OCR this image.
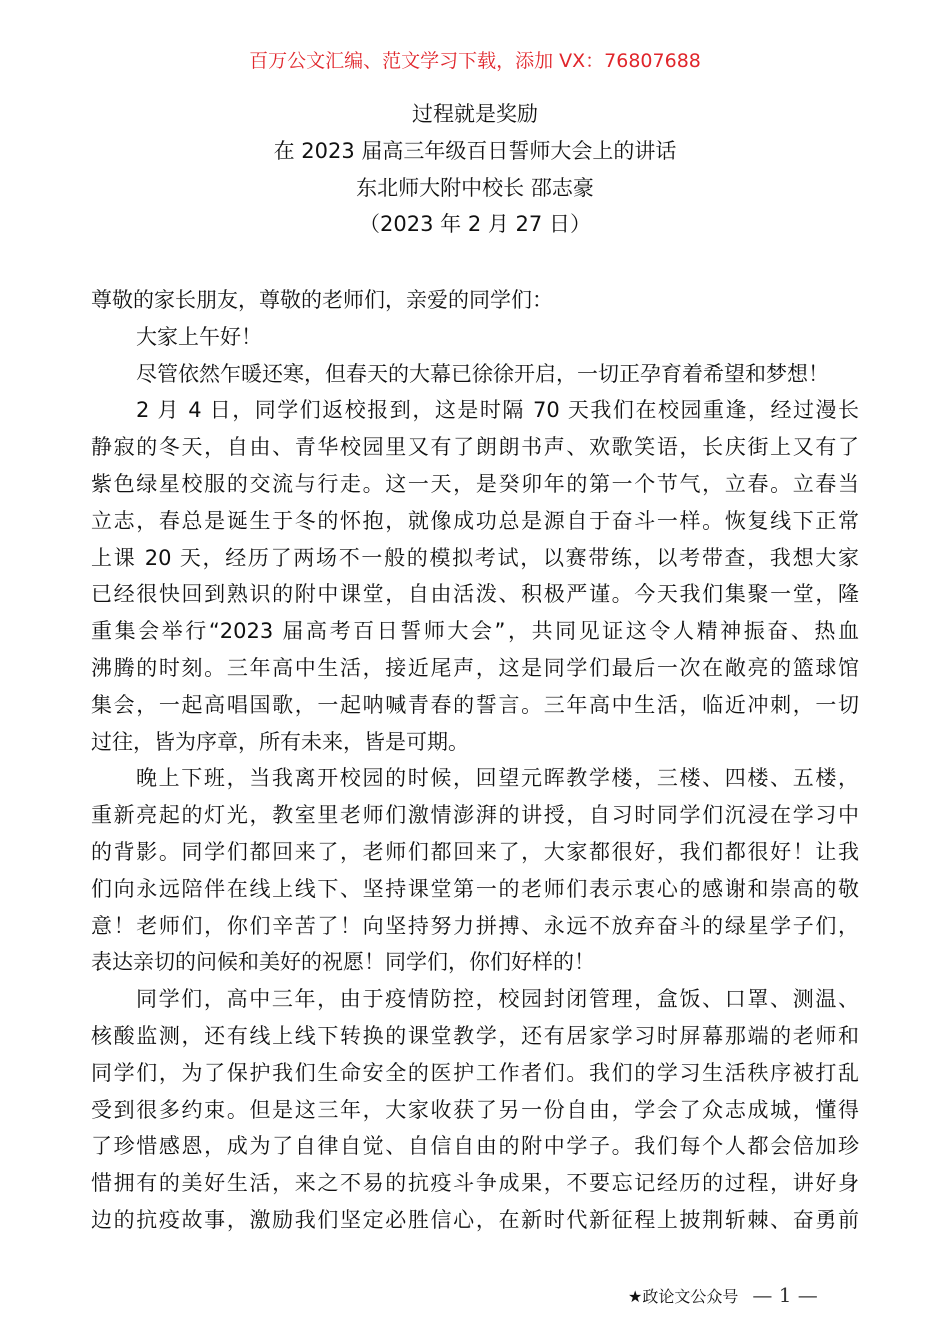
百万公文汇编、范文学习下载，添加 VX：76807688
过程就是奖励
在 2023 届高三年级百日誓师大会上的讲话
东北师大附中校长 邵志豪
（2023 年 2 月 27 日）
尊敬的家长朋友，尊敬的老师们，亲爱的同学们：
大家上午好！
尽管依然乍暖还寒，但春天的大幕已徐徐开启，一切正孕育着希望和梦想！
2 月 4 日，同学们返校报到，这是时隔 70 天我们在校园重逢，经过漫长
静寂的冬天，自由、青华校园里又有了朗朗书声、欢歌笑语，长庆街上又有了
紫色绿星校服的交流与行走。这一天，是癸卯年的第一个节气，立春。立春当
立志，春总是诞生于冬的怀抱，就像成功总是源自于奋斗一样。恢复线下正常
上课 20 天，经历了两场不一般的模拟考试，以赛带练，以考带查，我想大家
已经很快回到熟识的附中课堂，自由活泼、积极严谨。今天我们集聚一堂，隆
重集会举行“2023 届高考百日誓师大会”，共同见证这令人精神振奋、热血
沸腾的时刻。三年高中生活，接近尾声，这是同学们最后一次在敞亮的篮球馆
集会，一起高唱国歌，一起呐喊青春的誓言。三年高中生活，临近冲刺，一切
过往，皆为序章，所有未来，皆是可期。
晚上下班，当我离开校园的时候，回望元晖教学楼，三楼、四楼、五楼，
重新亮起的灯光，教室里老师们激情澎湃的讲授，自习时同学们沉浸在学习中
的背影。同学们都回来了，老师们都回来了，大家都很好，我们都很好！让我
们向永远陪伴在线上线下、坚持课堂第一的老师们表示衷心的感谢和崇高的敬
意！老师们，你们辛苦了！向坚持努力拼搏、永远不放弃奋斗的绿星学子们，
表达亲切的问候和美好的祝愿！同学们，你们好样的！
同学们，高中三年，由于疫情防控，校园封闭管理，盒饭、口罩、测温、
核酸监测，还有线上线下转换的课堂教学，还有居家学习时屏幕那端的老师和
同学们，为了保护我们生命安全的医护工作者们。我们的学习生活秩序被打乱
受到很多约束。但是这三年，大家收获了另一份自由，学会了众志成城，懂得
了珍惜感恩，成为了自律自觉、自信自由的附中学子。我们每个人都会倍加珍
惜拥有的美好生活，来之不易的抗疫斗争成果，不要忘记经历的过程，讲好身
边的抗疫故事，激励我们坚定必胜信心，在新时代新征程上披荆斩棘、奋勇前
★政论文公众号 — 1 —
